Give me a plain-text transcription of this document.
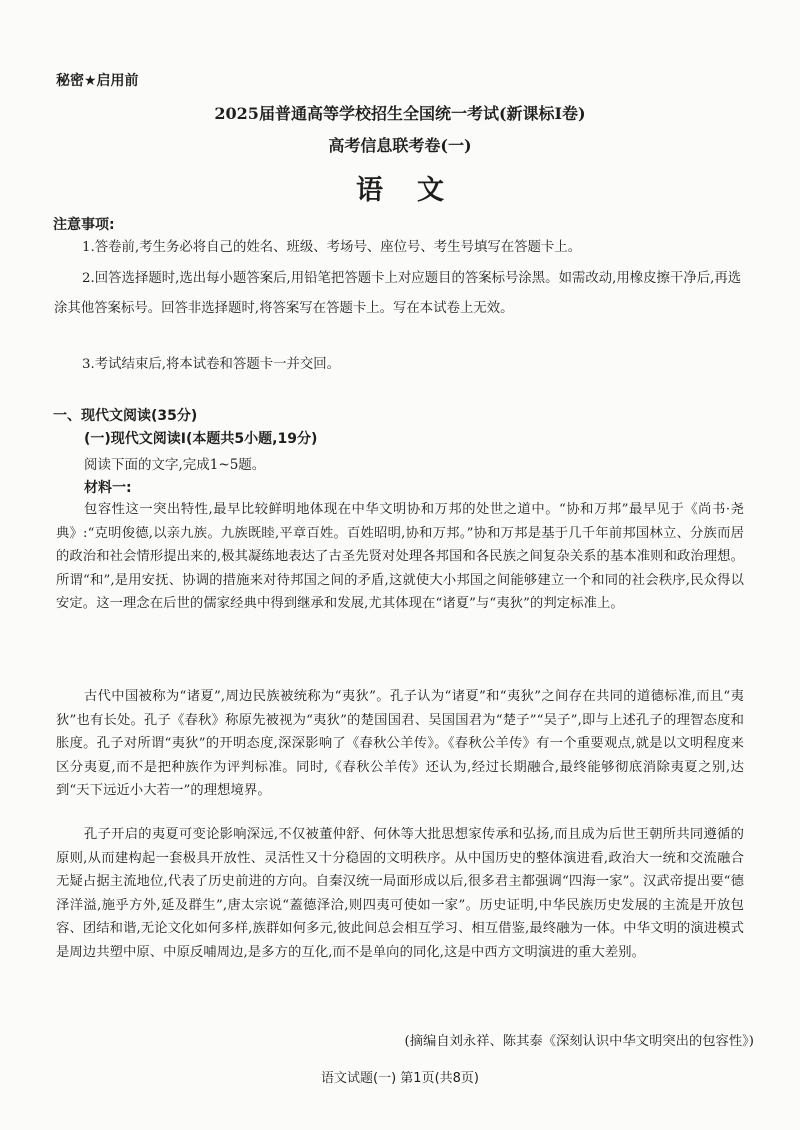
秘密★启用前
2025届普通高等学校招生全国统一考试(新课标Ⅰ卷)
高考信息联考卷(一)
语文
注意事项:
1.答卷前,考生务必将自己的姓名、班级、考场号、座位号、考生号填写在答题卡上。
2.回答选择题时,选出每小题答案后,用铅笔把答题卡上对应题目的答案标号涂黑。如需改动,用橡皮擦干净后,再选涂其他答案标号。回答非选择题时,将答案写在答题卡上。写在本试卷上无效。
3.考试结束后,将本试卷和答题卡一并交回。
一、现代文阅读(35分)
(一)现代文阅读Ⅰ(本题共5小题,19分)
阅读下面的文字,完成1~5题。
材料一:
包容性这一突出特性,最早比较鲜明地体现在中华文明协和万邦的处世之道中。“协和万邦”最早见于《尚书·尧典》:“克明俊德,以亲九族。九族既睦,平章百姓。百姓昭明,协和万邦。”协和万邦是基于几千年前邦国林立、分族而居的政治和社会情形提出来的,极其凝练地表达了古圣先贤对处理各邦国和各民族之间复杂关系的基本准则和政治理想。所谓“和”,是用安抚、协调的措施来对待邦国之间的矛盾,这就使大小邦国之间能够建立一个和同的社会秩序,民众得以安定。这一理念在后世的儒家经典中得到继承和发展,尤其体现在“诸夏”与“夷狄”的判定标准上。
古代中国被称为“诸夏”,周边民族被统称为“夷狄”。孔子认为“诸夏”和“夷狄”之间存在共同的道德标准,而且“夷狄”也有长处。孔子《春秋》称原先被视为“夷狄”的楚国国君、吴国国君为“楚子”“吴子”,即与上述孔子的理智态度和胀度。孔子对所谓“夷狄”的开明态度,深深影响了《春秋公羊传》。《春秋公羊传》有一个重要观点,就是以文明程度来区分夷夏,而不是把种族作为评判标准。同时,《春秋公羊传》还认为,经过长期融合,最终能够彻底消除夷夏之别,达到“天下远近小大若一”的理想境界。
孔子开启的夷夏可变论影响深远,不仅被董仲舒、何休等大批思想家传承和弘扬,而且成为后世王朝所共同遵循的原则,从而建构起一套极具开放性、灵活性又十分稳固的文明秩序。从中国历史的整体演进看,政治大一统和交流融合无疑占据主流地位,代表了历史前进的方向。自秦汉统一局面形成以后,很多君主都强调“四海一家”。汉武帝提出要“德泽洋溢,施乎方外,延及群生”,唐太宗说“蓋德泽洽,则四夷可使如一家”。历史证明,中华民族历史发展的主流是开放包容、团结和谐,无论文化如何多样,族群如何多元,彼此间总会相互学习、相互借鉴,最终融为一体。中华文明的演进模式是周边共塑中原、中原反哺周边,是多方的互化,而不是单向的同化,这是中西方文明演进的重大差别。
(摘编自刘永祥、陈其泰《深刻认识中华文明突出的包容性》)
语文试题(一) 第1页(共8页)
